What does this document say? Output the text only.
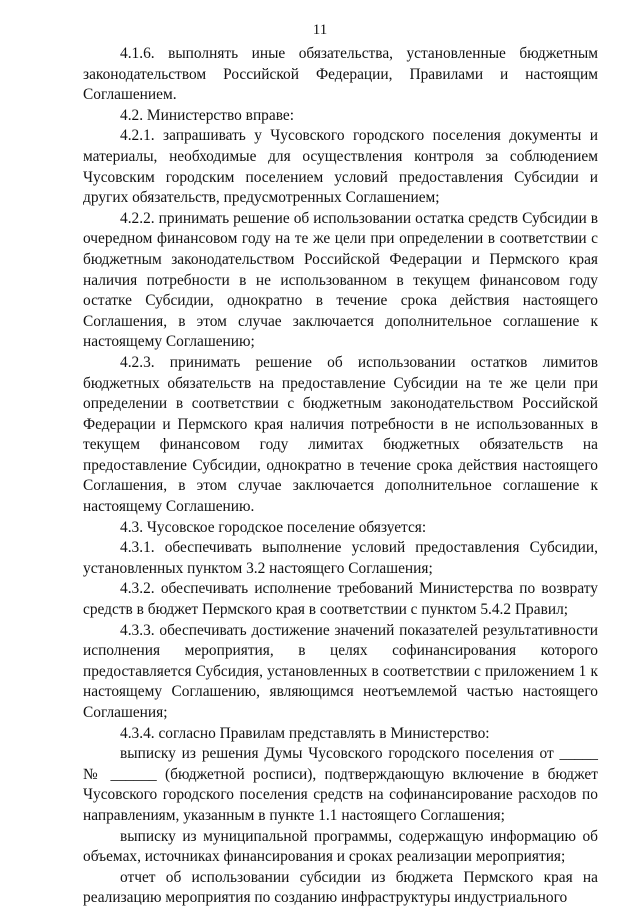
11

4.1.6. выполнять иные обязательства, установленные бюджетным законодательством Российской Федерации, Правилами и настоящим Соглашением.

4.2. Министерство вправе:

4.2.1. запрашивать у Чусовского городского поселения документы и материалы, необходимые для осуществления контроля за соблюдением Чусовским городским поселением условий предоставления Субсидии и других обязательств, предусмотренных Соглашением;

4.2.2. принимать решение об использовании остатка средств Субсидии в очередном финансовом году на те же цели при определении в соответствии с бюджетным законодательством Российской Федерации и Пермского края наличия потребности в не использованном в текущем финансовом году остатке Субсидии, однократно в течение срока действия настоящего Соглашения, в этом случае заключается дополнительное соглашение к настоящему Соглашению;

4.2.3. принимать решение об использовании остатков лимитов бюджетных обязательств на предоставление Субсидии на те же цели при определении в соответствии с бюджетным законодательством Российской Федерации и Пермского края наличия потребности в не использованных в текущем финансовом году лимитах бюджетных обязательств на предоставление Субсидии, однократно в течение срока действия настоящего Соглашения, в этом случае заключается дополнительное соглашение к настоящему Соглашению.

4.3. Чусовское городское поселение обязуется:

4.3.1. обеспечивать выполнение условий предоставления Субсидии, установленных пунктом 3.2 настоящего Соглашения;

4.3.2. обеспечивать исполнение требований Министерства по возврату средств в бюджет Пермского края в соответствии с пунктом 5.4.2 Правил;

4.3.3. обеспечивать достижение значений показателей результативности исполнения мероприятия, в целях софинансирования которого предоставляется Субсидия, установленных в соответствии с приложением 1 к настоящему Соглашению, являющимся неотъемлемой частью настоящего Соглашения;

4.3.4. согласно Правилам представлять в Министерство:

выписку из решения Думы Чусовского городского поселения от _____ № ______ (бюджетной росписи), подтверждающую включение в бюджет Чусовского городского поселения средств на софинансирование расходов по направлениям, указанным в пункте 1.1 настоящего Соглашения;

выписку из муниципальной программы, содержащую информацию об объемах, источниках финансирования и сроках реализации мероприятия;

отчет об использовании субсидии из бюджета Пермского края на реализацию мероприятия по созданию инфраструктуры индустриального
